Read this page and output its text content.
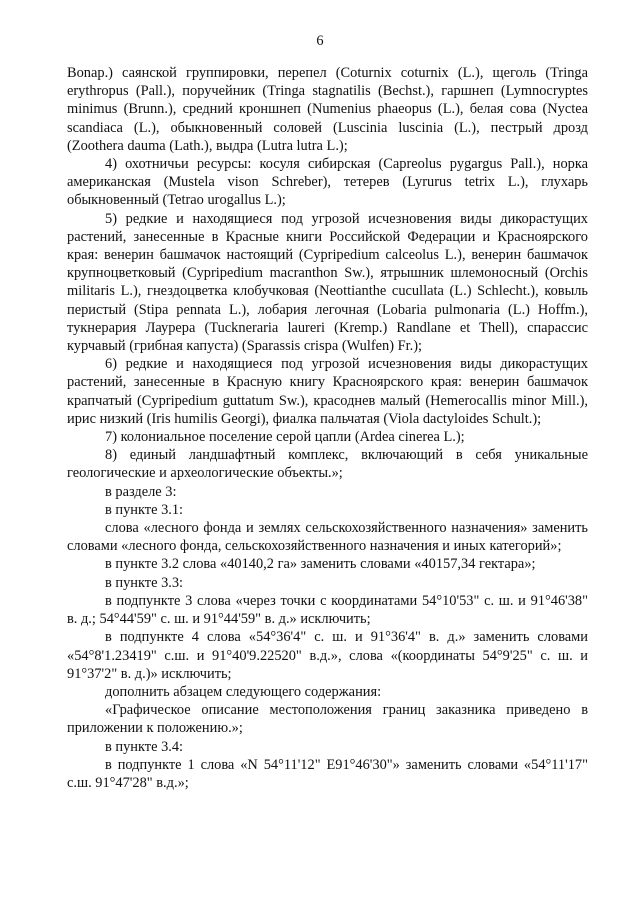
6

Bonap.) саянской группировки, перепел (Coturnix coturnix (L.), щеголь (Tringa erythropus (Pall.), поручейник (Tringa stagnatilis (Bechst.), гаршнеп (Lymnocryptes minimus (Brunn.), средний кроншнеп (Numenius phaeopus (L.), белая сова (Nyctea scandiaca (L.), обыкновенный соловей (Luscinia luscinia (L.), пестрый дрозд (Zoothera dauma (Lath.), выдра (Lutra lutra L.);

4) охотничьи ресурсы: косуля сибирская (Capreolus pygargus Pall.), норка американская (Mustela vison Schreber), тетерев (Lyrurus tetrix L.), глухарь обыкновенный (Tetrao urogallus L.);

5) редкие и находящиеся под угрозой исчезновения виды дикорастущих растений, занесенные в Красные книги Российской Федерации и Красноярского края: венерин башмачок настоящий (Cypripedium calceolus L.), венерин башмачок крупноцветковый (Cypripedium macranthon Sw.), ятрышник шлемоносный (Orchis militaris L.), гнездоцветка клобучковая (Neottianthe cucullata (L.) Schlecht.), ковыль перистый (Stipa pennata L.), лобария легочная (Lobaria pulmonaria (L.) Hoffm.), тукнерария Лаурера (Tuckneraria laureri (Kremp.) Randlane et Thell), спарассис курчавый (грибная капуста) (Sparassis crispa (Wulfen) Fr.);

6) редкие и находящиеся под угрозой исчезновения виды дикорастущих растений, занесенные в Красную книгу Красноярского края: венерин башмачок крапчатый (Cypripedium guttatum Sw.), красоднев малый (Hemerocallis minor Mill.), ирис низкий (Iris humilis Georgi), фиалка пальчатая (Viola dactyloides Schult.);

7) колониальное поселение серой цапли (Ardea cinerea L.);

8) единый ландшафтный комплекс, включающий в себя уникальные геологические и археологические объекты.»;

в разделе 3:

в пункте 3.1:

слова «лесного фонда и землях сельскохозяйственного назначения» заменить словами «лесного фонда, сельскохозяйственного назначения и иных категорий»;

в пункте 3.2 слова «40140,2 га» заменить словами «40157,34 гектара»;

в пункте 3.3:

в подпункте 3 слова «через точки с координатами 54°10'53" с. ш. и 91°46'38" в. д.; 54°44'59" с. ш. и 91°44'59" в. д.» исключить;

в подпункте 4 слова «54°36'4" с. ш. и 91°36'4" в. д.» заменить словами «54°8'1.23419" с.ш. и 91°40'9.22520" в.д.», слова «(координаты 54°9'25" с. ш. и 91°37'2" в. д.)» исключить;

дополнить абзацем следующего содержания:

«Графическое описание местоположения границ заказника приведено в приложении к положению.»;

в пункте 3.4:

в подпункте 1 слова «N 54°11'12" E91°46'30"» заменить словами «54°11'17" с.ш. 91°47'28" в.д.»;
